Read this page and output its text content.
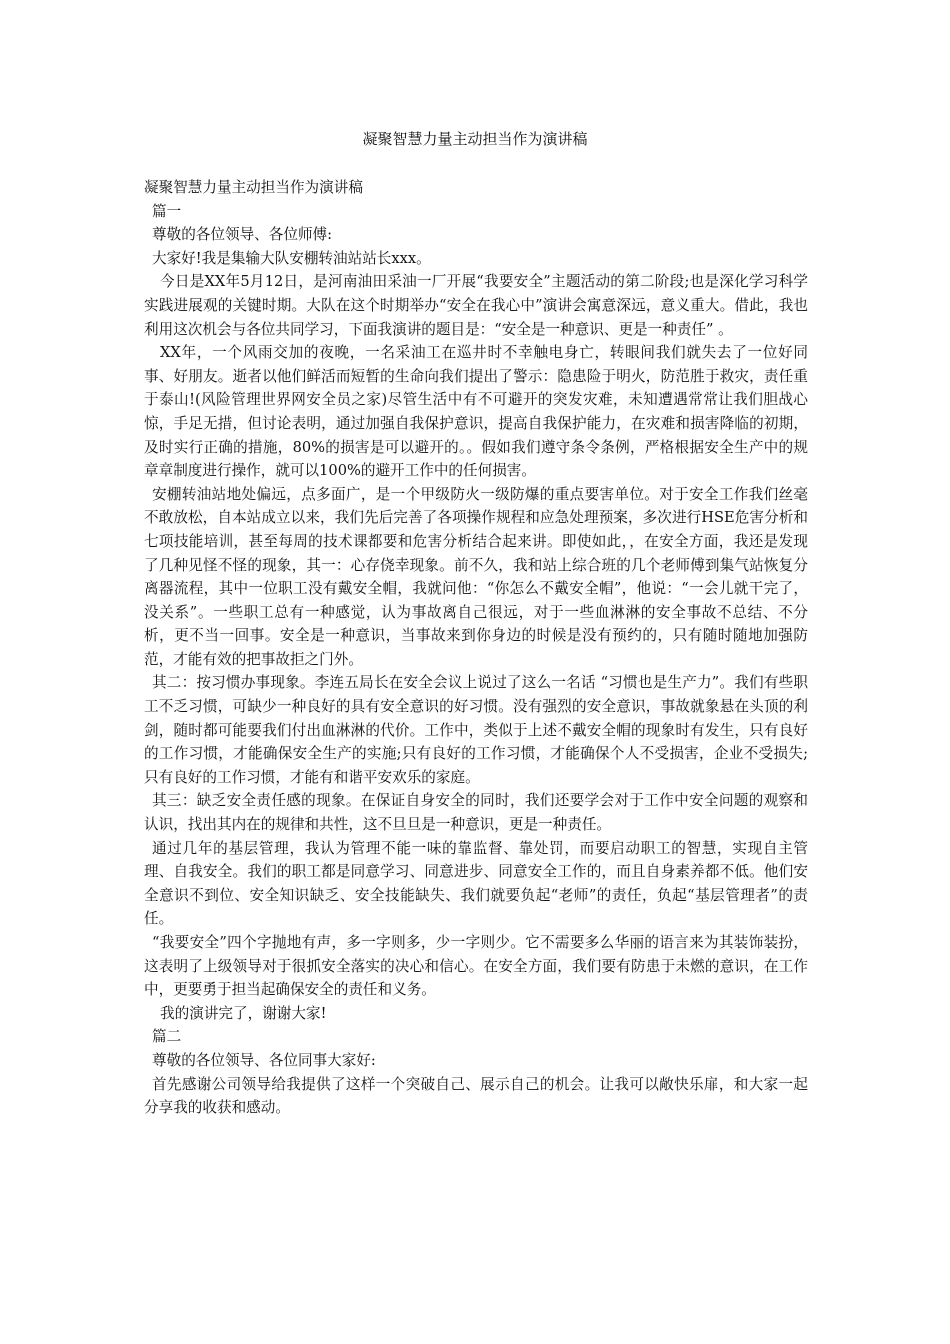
凝聚智慧力量主动担当作为演讲稿

凝聚智慧力量主动担当作为演讲稿

篇一

尊敬的各位领导、各位师傅:

大家好!我是集输大队安棚转油站站长xxx。

今日是XX年5月12日，是河南油田采油一厂开展“我要安全”主题活动的第二阶段;也是深化学习科学实践进展观的关键时期。大队在这个时期举办“安全在我心中”演讲会寓意深远，意义重大。借此，我也利用这次机会与各位共同学习，下面我演讲的题目是：“安全是一种意识、更是一种责任” 。

XX年，一个风雨交加的夜晚，一名采油工在巡井时不幸触电身亡，转眼间我们就失去了一位好同事、好朋友。逝者以他们鲜活而短暂的生命向我们提出了警示：隐患险于明火，防范胜于救灾，责任重于泰山!(风险管理世界网安全员之家)尽管生活中有不可避开的突发灾难，未知遭遇常常让我们胆战心惊，手足无措，但讨论表明，通过加强自我保护意识，提高自我保护能力，在灾难和损害降临的初期，及时实行正确的措施，80%的损害是可以避开的。。假如我们遵守条令条例，严格根据安全生产中的规章章制度进行操作，就可以100%的避开工作中的任何损害。

安棚转油站地处偏远，点多面广，是一个甲级防火一级防爆的重点要害单位。对于安全工作我们丝毫不敢放松，自本站成立以来，我们先后完善了各项操作规程和应急处理预案，多次进行HSE危害分析和七项技能培训，甚至每周的技术课都要和危害分析结合起来讲。即使如此，，在安全方面，我还是发现了几种见怪不怪的现象，其一：心存侥幸现象。前不久，我和站上综合班的几个老师傅到集气站恢复分离器流程，其中一位职工没有戴安全帽，我就问他：“你怎么不戴安全帽”，他说：“一会儿就干完了，没关系”。一些职工总有一种感觉，认为事故离自己很远，对于一些血淋淋的安全事故不总结、不分析，更不当一回事。安全是一种意识，当事故来到你身边的时候是没有预约的，只有随时随地加强防范，才能有效的把事故拒之门外。

其二：按习惯办事现象。李连五局长在安全会议上说过了这么一名话 “习惯也是生产力”。我们有些职工不乏习惯，可缺少一种良好的具有安全意识的好习惯。没有强烈的安全意识，事故就象悬在头顶的利剑，随时都可能要我们付出血淋淋的代价。工作中，类似于上述不戴安全帽的现象时有发生，只有良好的工作习惯，才能确保安全生产的实施;只有良好的工作习惯，才能确保个人不受损害，企业不受损失;只有良好的工作习惯，才能有和谐平安欢乐的家庭。

其三：缺乏安全责任感的现象。在保证自身安全的同时，我们还要学会对于工作中安全问题的观察和认识，找出其内在的规律和共性，这不旦旦是一种意识，更是一种责任。

通过几年的基层管理，我认为管理不能一味的靠监督、靠处罚，而要启动职工的智慧，实现自主管理、自我安全。我们的职工都是同意学习、同意进步、同意安全工作的，而且自身素养都不低。他们安全意识不到位、安全知识缺乏、安全技能缺失、我们就要负起“老师”的责任，负起“基层管理者”的责任。

“我要安全”四个字抛地有声，多一字则多，少一字则少。它不需要多么华丽的语言来为其装饰装扮，这表明了上级领导对于很抓安全落实的决心和信心。在安全方面，我们要有防患于未燃的意识，在工作中，更要勇于担当起确保安全的责任和义务。

我的演讲完了，谢谢大家!

篇二

尊敬的各位领导、各位同事大家好:

首先感谢公司领导给我提供了这样一个突破自己、展示自己的机会。让我可以敞快乐扉，和大家一起分享我的收获和感动。
